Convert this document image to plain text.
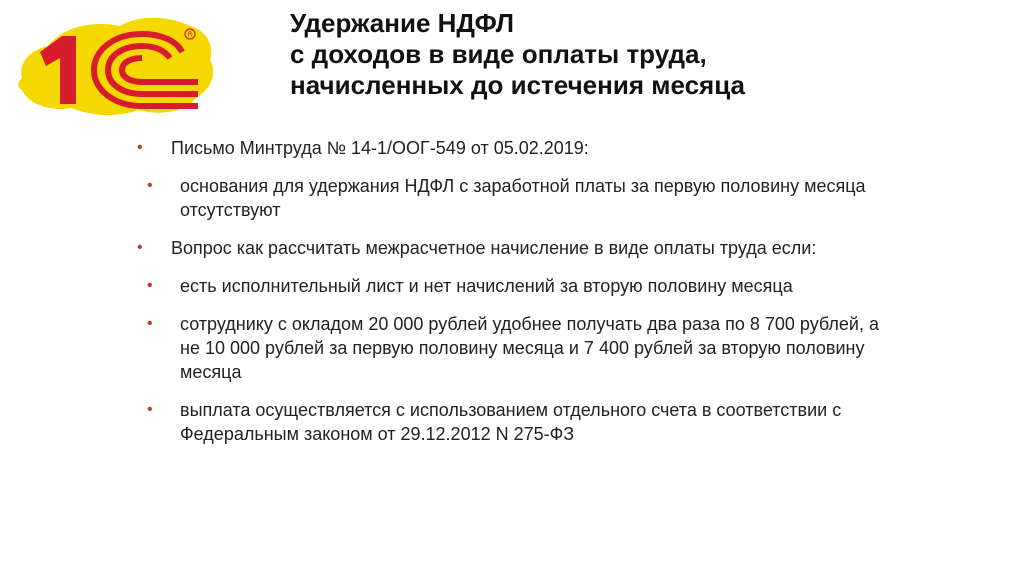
R	Удержание НДФЛ
с доходов в виде оплаты труда,
начисленных до истечения месяца
• Письмо Минтруда № 14-1/ООГ-549 от 05.02.2019:
• основания для удержания НДФЛ с заработной платы за первую половину месяца отсутствуют
• Вопрос как рассчитать межрасчетное начисление в виде оплаты труда если:
• есть исполнительный лист и нет начислений за вторую половину месяца
• сотруднику с окладом 20 000 рублей удобнее получать два раза по 8 700 рублей, а не 10 000 рублей за первую половину месяца и 7 400 рублей за вторую половину месяца
• выплата осуществляется с использованием отдельного счета в соответствии с Федеральным законом от 29.12.2012 N 275-ФЗ
